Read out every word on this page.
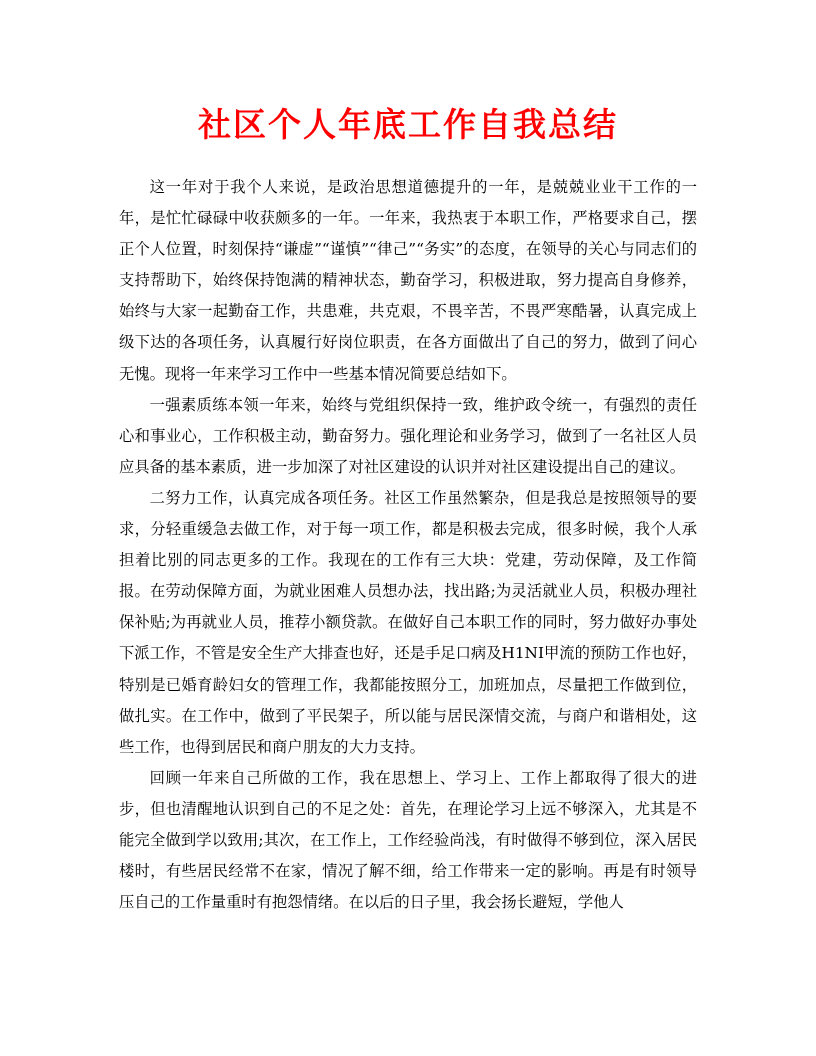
社区个人年底工作自我总结

这一年对于我个人来说，是政治思想道德提升的一年，是兢兢业业干工作的一年，是忙忙碌碌中收获颇多的一年。一年来，我热衷于本职工作，严格要求自己，摆正个人位置，时刻保持“谦虚”“谨慎”“律己”“务实”的态度，在领导的关心与同志们的支持帮助下，始终保持饱满的精神状态，勤奋学习，积极进取，努力提高自身修养，始终与大家一起勤奋工作，共患难，共克艰，不畏辛苦，不畏严寒酷暑，认真完成上级下达的各项任务，认真履行好岗位职责，在各方面做出了自己的努力，做到了问心无愧。现将一年来学习工作中一些基本情况简要总结如下。

一强素质练本领一年来，始终与党组织保持一致，维护政令统一，有强烈的责任心和事业心，工作积极主动，勤奋努力。强化理论和业务学习，做到了一名社区人员应具备的基本素质，进一步加深了对社区建设的认识并对社区建设提出自己的建议。

二努力工作，认真完成各项任务。社区工作虽然繁杂，但是我总是按照领导的要求，分轻重缓急去做工作，对于每一项工作，都是积极去完成，很多时候，我个人承担着比别的同志更多的工作。我现在的工作有三大块：党建，劳动保障，及工作简报。在劳动保障方面，为就业困难人员想办法，找出路;为灵活就业人员，积极办理社保补贴;为再就业人员，推荐小额贷款。在做好自己本职工作的同时，努力做好办事处下派工作，不管是安全生产大排查也好，还是手足口病及H1NI甲流的预防工作也好，特别是已婚育龄妇女的管理工作，我都能按照分工，加班加点，尽量把工作做到位，做扎实。在工作中，做到了平民架子，所以能与居民深情交流，与商户和谐相处，这些工作，也得到居民和商户朋友的大力支持。

回顾一年来自己所做的工作，我在思想上、学习上、工作上都取得了很大的进步，但也清醒地认识到自己的不足之处：首先，在理论学习上远不够深入，尤其是不能完全做到学以致用;其次，在工作上，工作经验尚浅，有时做得不够到位，深入居民楼时，有些居民经常不在家，情况了解不细，给工作带来一定的影响。再是有时领导压自己的工作量重时有抱怨情绪。在以后的日子里，我会扬长避短，学他人
